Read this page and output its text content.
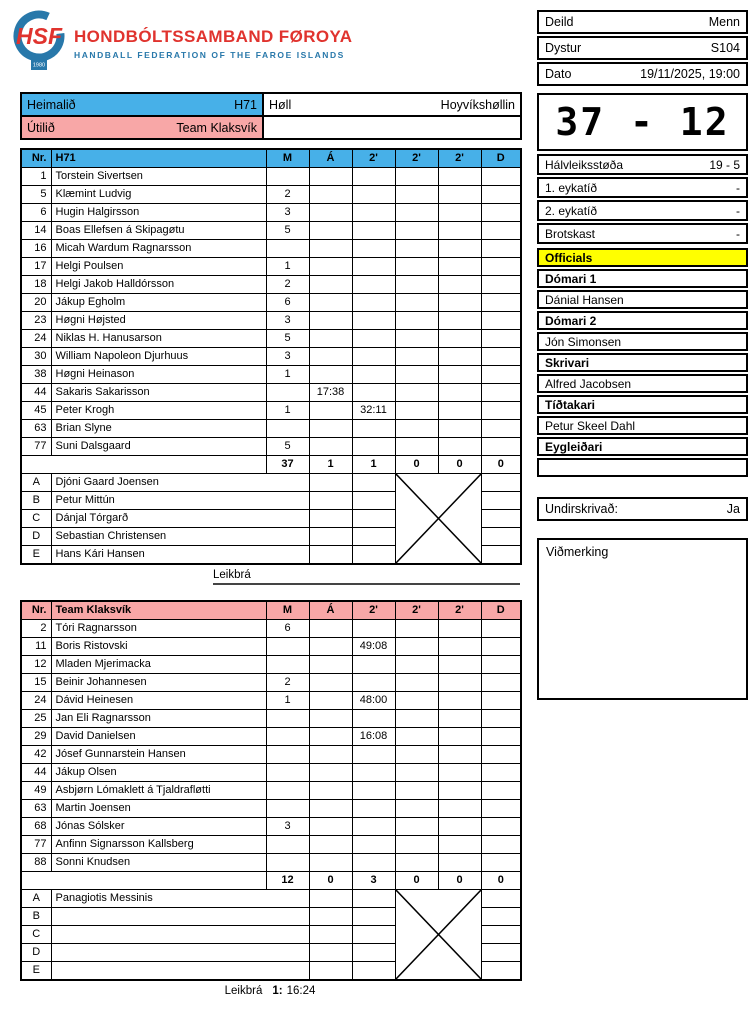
HSF
1980
HONDBÓLTSSAMBAND FØROYA
HANDBALL FEDERATION OF THE FAROE ISLANDS
Deild	Menn
Dystur	S104
Dato	19/11/2025, 19:00
Heimalið H71	Høll Hoyvíkshøllin

Útilið Team Klaksvík	
		37 - 12
Hálvleiksstøða	19 - 5
1. eykatíð	-
2. eykatíð	-
Brotskast	-
Officials
Dómari 1
Dánial Hansen
Dómari 2
Jón Simonsen
Skrivari
Alfred Jacobsen
Tíðtakari
Petur Skeel Dahl
Eygleiðari
Undirskrivað:	Ja
Viðmerking
Nr.	H71	M	Á	2'	2'	2'	D
1	Torstein Sivertsen						
5	Klæmint Ludvig	2					
6	Hugin Halgirsson	3					
14	Boas Ellefsen á Skipagøtu	5					
16	Micah Wardum Ragnarsson						
17	Helgi Poulsen	1					
18	Helgi Jakob Halldórsson	2					
20	Jákup Egholm	6					
23	Høgni Højsted	3					
24	Niklas H. Hanusarson	5					
30	William Napoleon Djurhuus	3					
38	Høgni Heinason	1					
44	Sakaris Sakarisson		17:38				
45	Peter Krogh	1		32:11			
63	Brian Slyne						
77	Suni Dalsgaard	5					
		37	1	1	0	0	0
A	Djóni Gaard Joensen			

B	Petur Mittún						
C	Dánjal Tórgarð						
D	Sebastian Christensen						
E	Hans Kári Hansen						
Leikbrá
Nr.	Team Klaksvík	M	Á	2'	2'	2'	D
2	Tóri Ragnarsson	6					
11	Boris Ristovski			49:08			
12	Mladen Mjerimacka						
15	Beinir Johannesen	2					
24	Dávid Heinesen	1		48:00			
25	Jan Eli Ragnarsson						
29	David Danielsen			16:08			
42	Jósef Gunnarstein Hansen						
44	Jákup Olsen						
49	Asbjørn Lómaklett á Tjaldrafløtti						
63	Martin Joensen						
68	Jónas Sólsker	3					
77	Anfinn Signarsson Kallsberg						
88	Sonni Knudsen						
		12	0	3	0	0	0
A	Panagiotis Messinis			

B							
C							
D							
E							
Leikbrá 1: 16:24
